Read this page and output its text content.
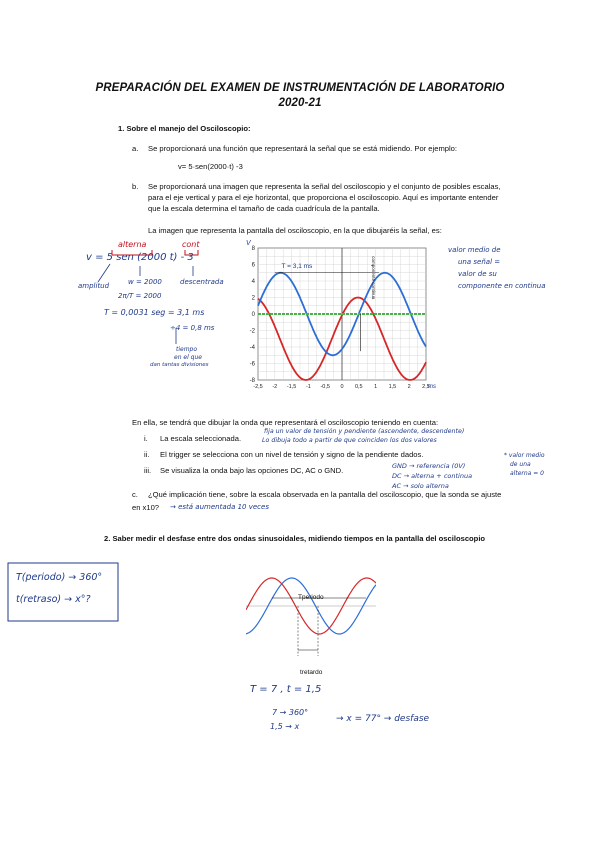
PREPARACIÓN DEL EXAMEN DE INSTRUMENTACIÓN DE LABORATORIO
2020-21
1. Sobre el manejo del Osciloscopio:
a. Se proporcionará una función que representará la señal que se está midiendo. Por ejemplo:
v= 5·sen(2000·t) -3
b. Se proporcionará una imagen que representa la señal del osciloscopio y el conjunto de posibles escalas,
para el eje vertical y para el eje horizontal, que proporciona el osciloscopio. Aquí es importante entender
que la escala determina el tamaño de cada cuadrícula de la pantalla.
La imagen que representa la pantalla del osciloscopio, en la que dibujaréis la señal, es:
alterna	cont
v = 5 sen (2000 t) - 3
amplitud	w = 2000	descentrada
2π/T = 2000
T = 0,0031 seg = 3,1 ms
÷4 = 0,8 ms
tiempo
en el que
dan tantas divisiones
valor medio de
una señal =
valor de su
componente en continua
-2,5 -2 -1,5 -1 -0,5 0 0,5 1 1,5 2 2,5
8
6
4
2
0
-2
-4
-6
-8
V
ms
T = 3,1 ms	componente continua
En ella, se tendrá que dibujar la onda que representará el osciloscopio teniendo en cuenta:
i. La escala seleccionada.
fija un valor de tensión y pendiente (ascendente, descendente)
Lo dibuja todo a partir de que coinciden los dos valores
ii. El trigger se selecciona con un nivel de tensión y signo de la pendiente dados.
iii. Se visualiza la onda bajo las opciones DC, AC o GND.	GND → referencia (0V)
DC → alterna + continua
AC → solo alterna
* valor medio
de una
alterna = 0
c. ¿Qué implicación tiene, sobre la escala observada en la pantalla del osciloscopio, que la sonda se ajuste
en x10? → está aumentada 10 veces
2. Saber medir el desfase entre dos ondas sinusoidales, midiendo tiempos en la pantalla del osciloscopio
T(periodo) → 360°
t(retraso) → x°?	Tperiodo
tretardo
T = 7 , t = 1,5
7 → 360°
1,5 → x
→ x = 77° → desfase
